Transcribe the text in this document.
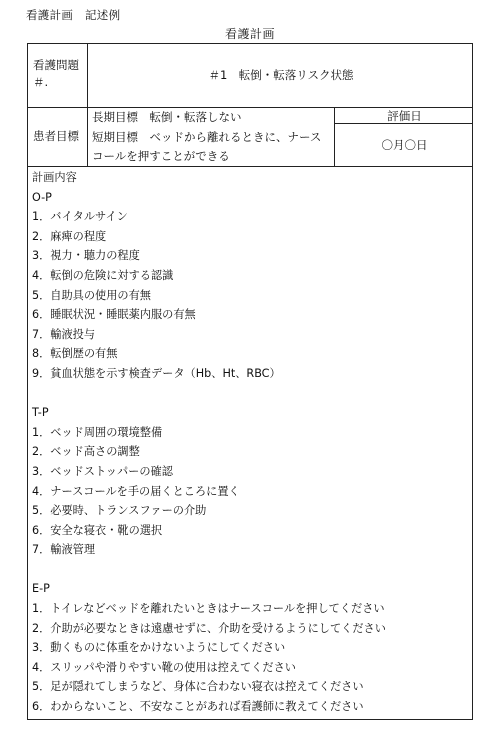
看護計画　記述例
看護計画
看護問題
＃.	＃1　転倒・転落リスク状態
患者目標
長期目標　転倒・転落しない
短期目標　ベッドから離れるときに、ナース
コールを押すことができる
評価日
〇月〇日
計画内容
O-P
1．バイタルサイン
2．麻痺の程度
3．視力・聴力の程度
4．転倒の危険に対する認識
5．自助具の使用の有無
6．睡眠状況・睡眠薬内服の有無
7．輸液投与
8．転倒歴の有無
9．貧血状態を示す検査データ（Hb、Ht、RBC）
T-P
1．ベッド周囲の環境整備
2．ベッド高さの調整
3．ベッドストッパーの確認
4．ナースコールを手の届くところに置く
5．必要時、トランスファーの介助
6．安全な寝衣・靴の選択
7．輸液管理
E-P
1．トイレなどベッドを離れたいときはナースコールを押してください
2．介助が必要なときは遠慮せずに、介助を受けるようにしてください
3．動くものに体重をかけないようにしてください
4．スリッパや滑りやすい靴の使用は控えてください
5．足が隠れてしまうなど、身体に合わない寝衣は控えてください
6．わからないこと、不安なことがあれば看護師に教えてください
